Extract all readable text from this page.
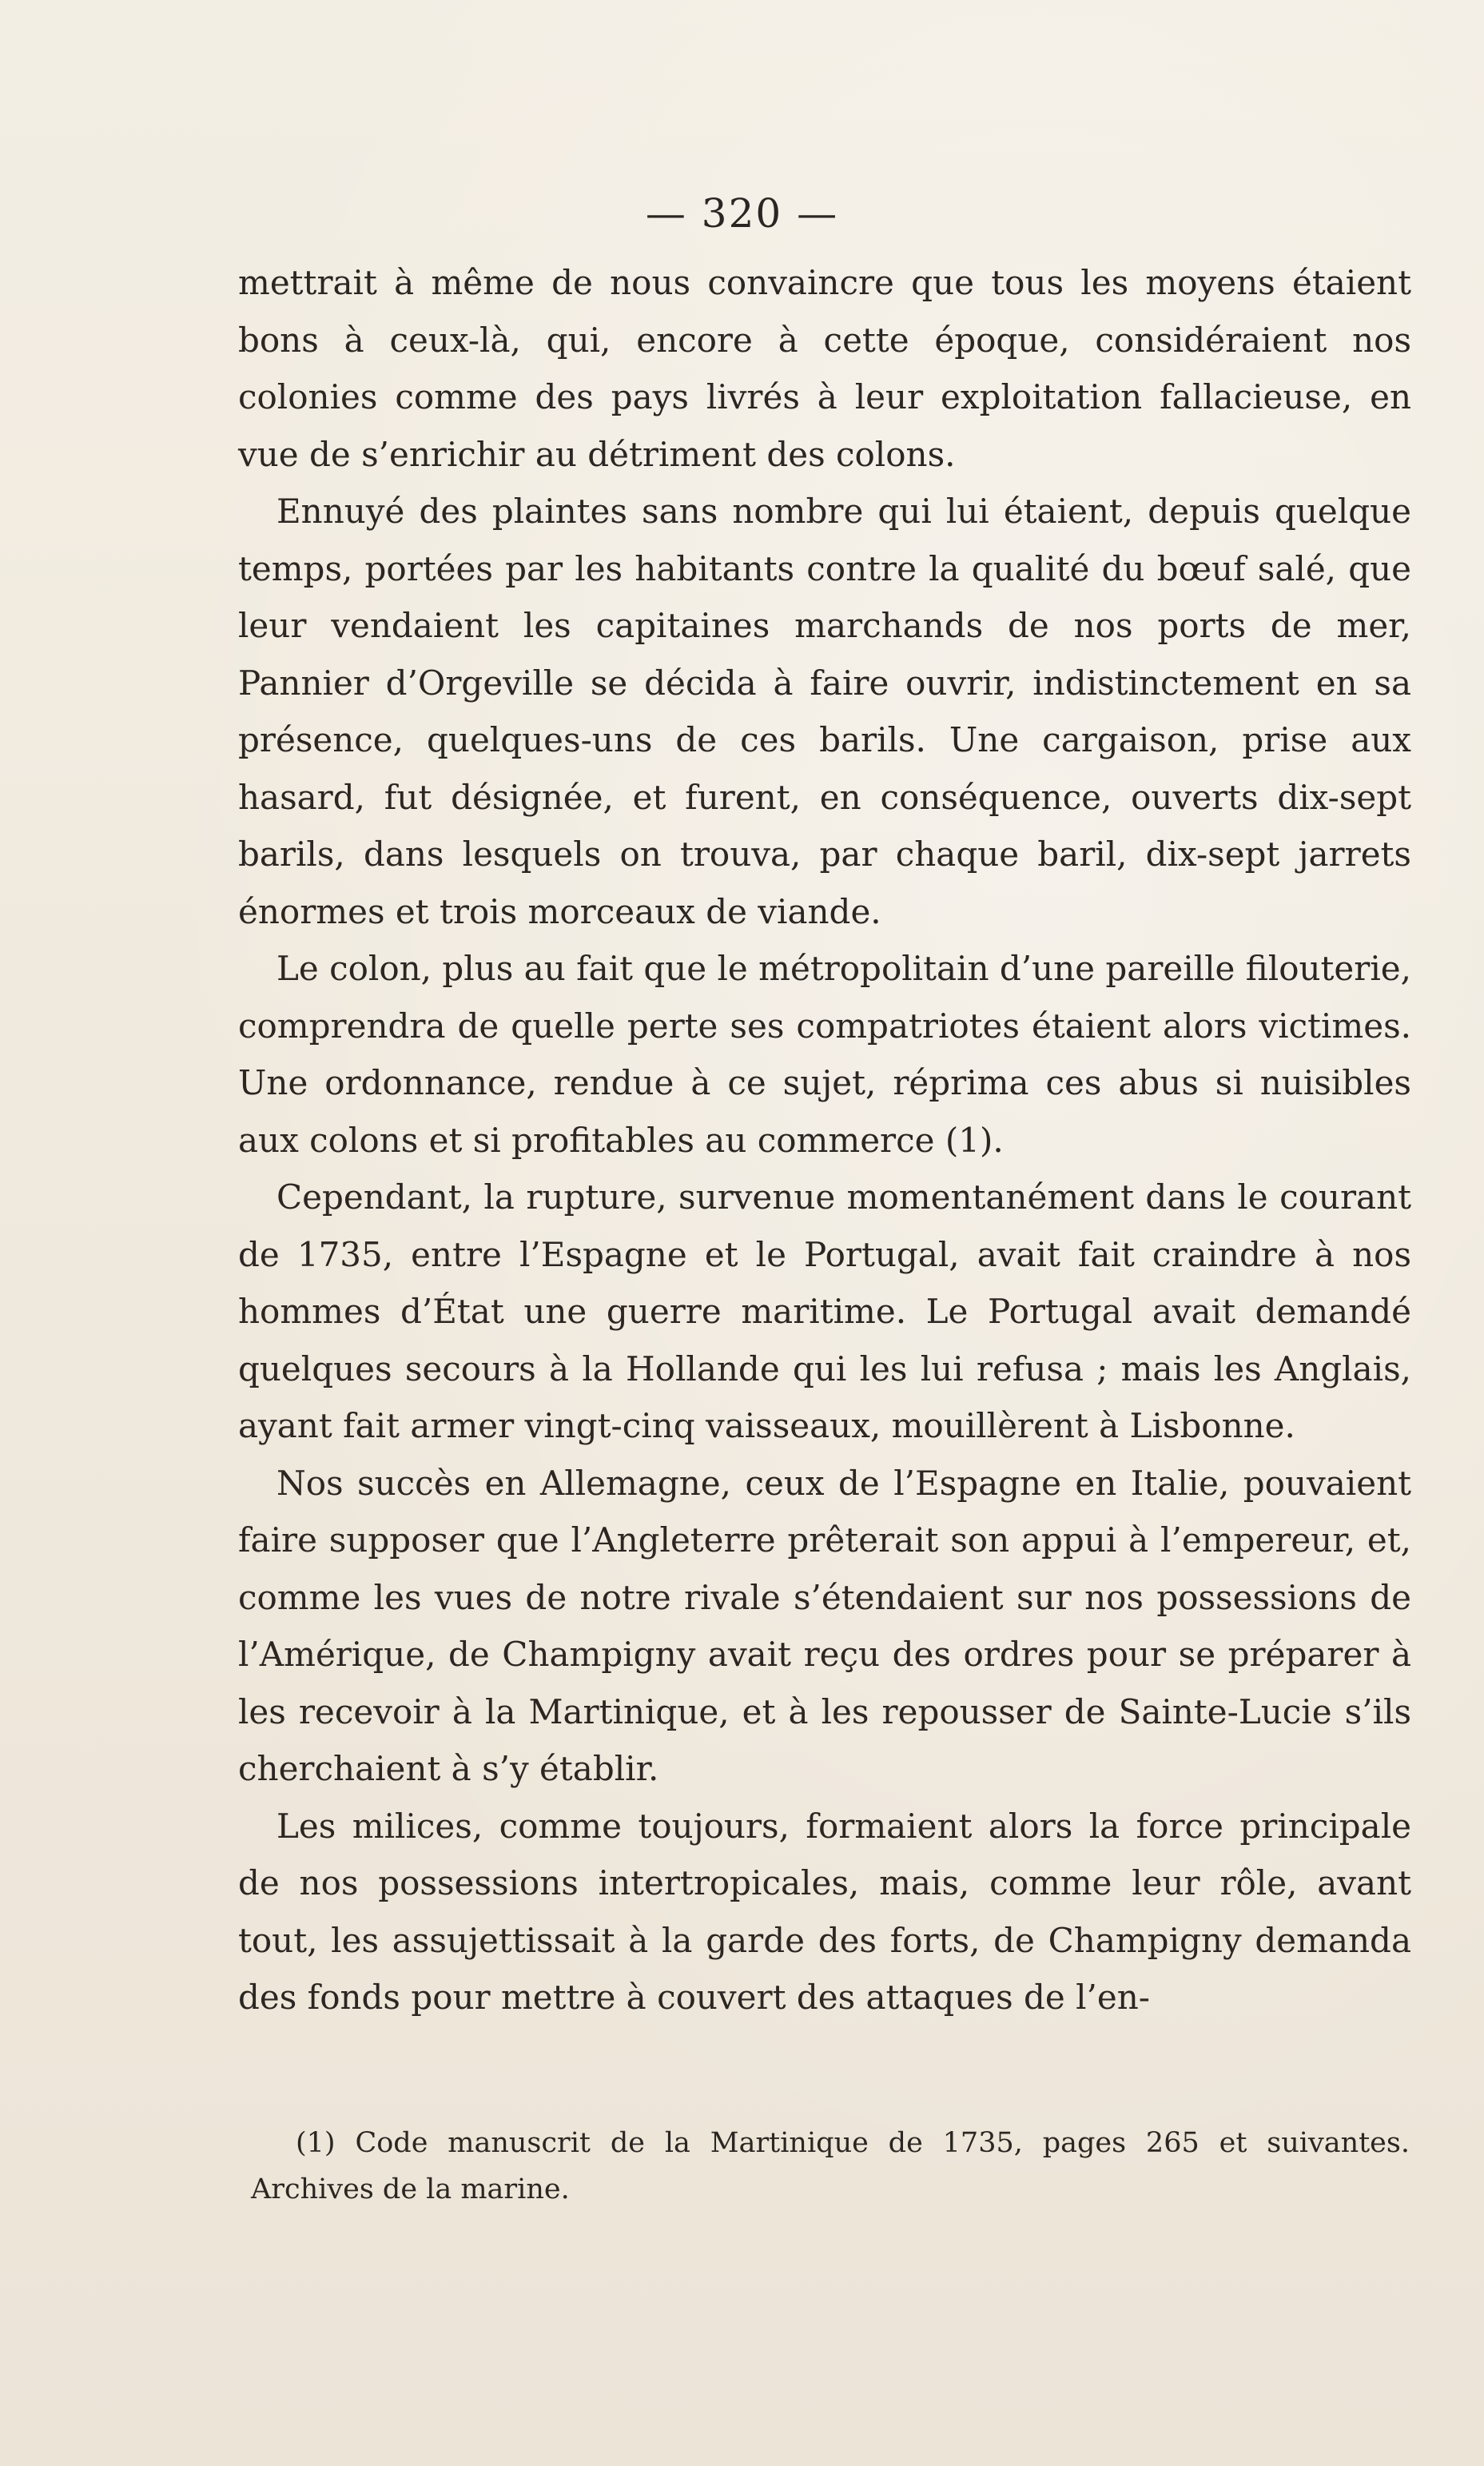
— 320 —

mettrait à même de nous convaincre que tous les moyens étaient bons à ceux-là, qui, encore à cette époque, considéraient nos colonies comme des pays livrés à leur exploitation fallacieuse, en vue de s’enrichir au détriment des colons.

Ennuyé des plaintes sans nombre qui lui étaient, depuis quelque temps, portées par les habitants contre la qualité du bœuf salé, que leur vendaient les capitaines marchands de nos ports de mer, Pannier d’Orgeville se décida à faire ouvrir, indistinctement en sa présence, quelques-uns de ces barils. Une cargaison, prise aux hasard, fut désignée, et furent, en conséquence, ouverts dix-sept barils, dans lesquels on trouva, par chaque baril, dix-sept jarrets énormes et trois morceaux de viande.

Le colon, plus au fait que le métropolitain d’une pareille filouterie, comprendra de quelle perte ses compatriotes étaient alors victimes. Une ordonnance, rendue à ce sujet, réprima ces abus si nuisibles aux colons et si profitables au commerce (1).

Cependant, la rupture, survenue momentanément dans le courant de 1735, entre l’Espagne et le Portugal, avait fait craindre à nos hommes d’État une guerre maritime. Le Portugal avait demandé quelques secours à la Hollande qui les lui refusa ; mais les Anglais, ayant fait armer vingt-cinq vaisseaux, mouillèrent à Lisbonne.

Nos succès en Allemagne, ceux de l’Espagne en Italie, pouvaient faire supposer que l’Angleterre prêterait son appui à l’empereur, et, comme les vues de notre rivale s’étendaient sur nos possessions de l’Amérique, de Champigny avait reçu des ordres pour se préparer à les recevoir à la Martinique, et à les repousser de Sainte-Lucie s’ils cherchaient à s’y établir.

Les milices, comme toujours, formaient alors la force principale de nos possessions intertropicales, mais, comme leur rôle, avant tout, les assujettissait à la garde des forts, de Champigny demanda des fonds pour mettre à couvert des attaques de l’en-

(1) Code manuscrit de la Martinique de 1735, pages 265 et suivantes. Archives de la marine.
